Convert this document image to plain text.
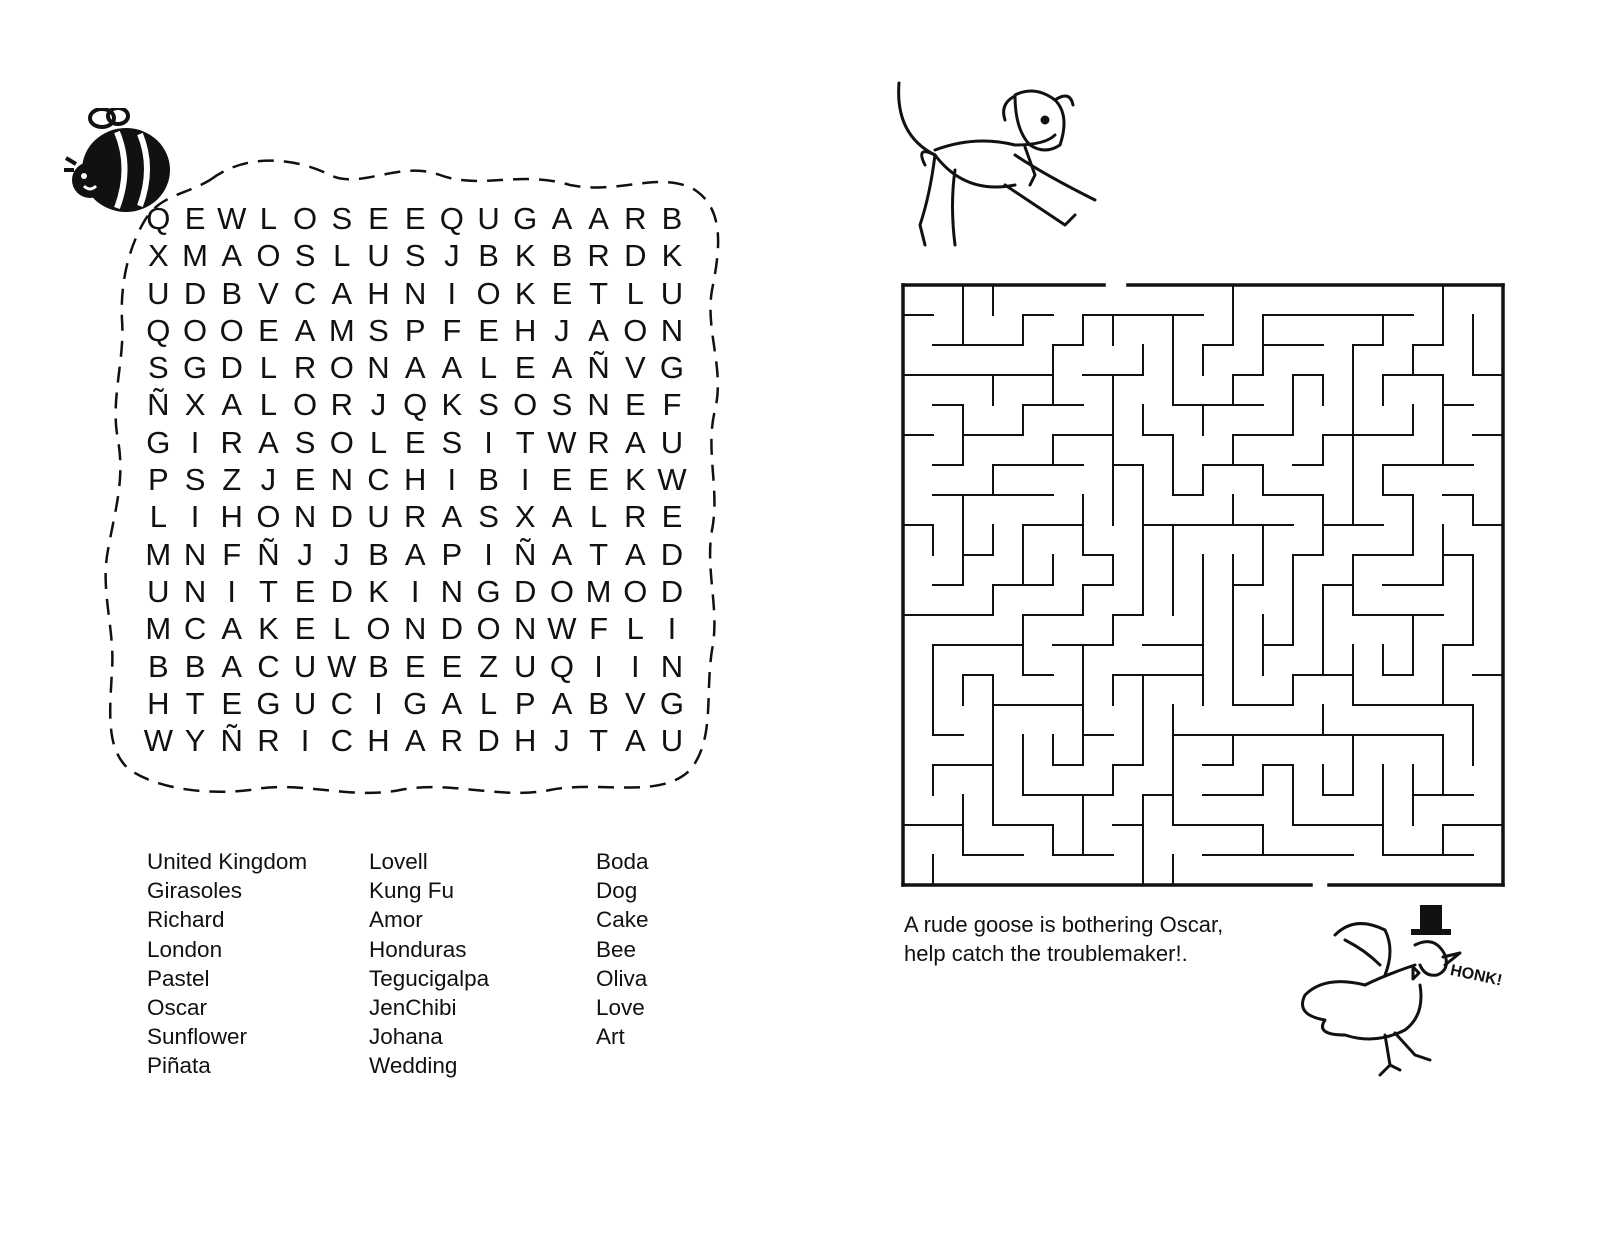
Q E W L O S E E Q U G A A R B
X M A O S L U S J B K B R D K
U D B V C A H N I O K E T L U
Q O O E A M S P F E H J A O N
S G D L R O N A A L E A Ñ V G
Ñ X A L O R J Q K S O S N E F
G I R A S O L E S I T W R A U
P S Z J E N C H I B I E E K W
L I H O N D U R A S X A L R E
M N F Ñ J J B A P I Ñ A T A D
U N I T E D K I N G D O M O D
M C A K E L O N D O N W F L I
B B A C U W B E E Z U Q I I N
H T E G U C I G A L P A B V G
W Y Ñ R I C H A R D H J T A U
United Kingdom
Girasoles
Richard
London
Pastel
Oscar
Sunflower
Piñata
Lovell
Kung Fu
Amor
Honduras
Tegucigalpa
JenChibi
Johana
Wedding
Boda
Dog
Cake
Bee
Oliva
Love
Art
A rude goose is bothering Oscar, help catch the troublemaker!.
HONK!
